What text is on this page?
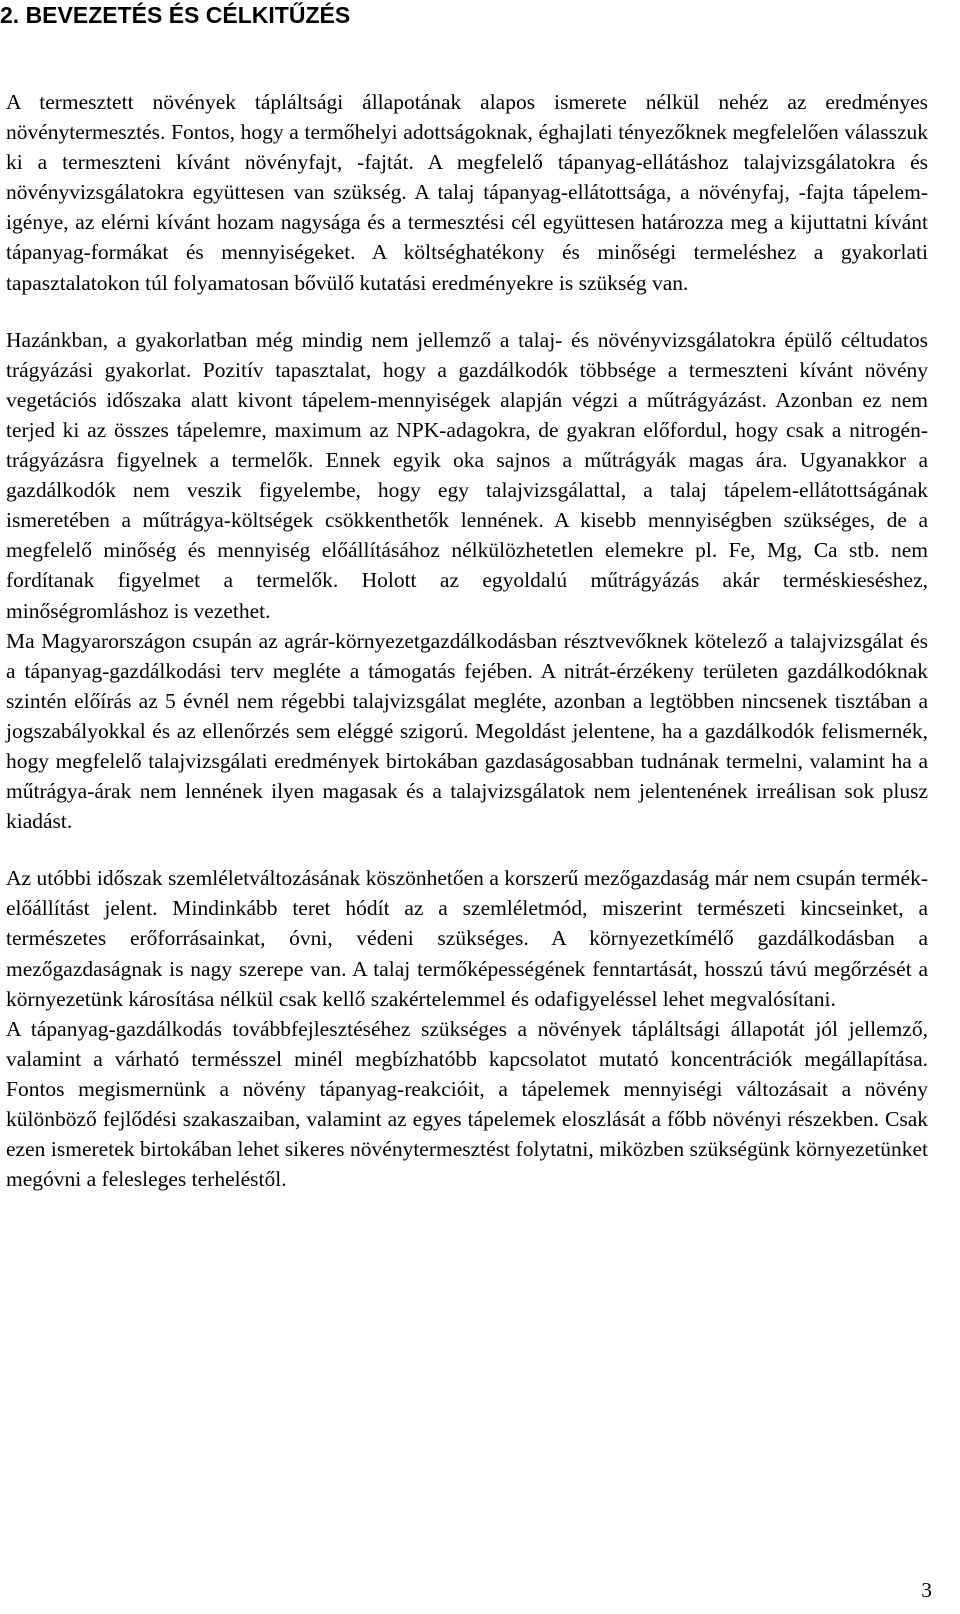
2. BEVEZETÉS ÉS CÉLKITŰZÉS

A termesztett növények tápláltsági állapotának alapos ismerete nélkül nehéz az eredményes növénytermesztés. Fontos, hogy a termőhelyi adottságoknak, éghajlati tényezőknek megfelelően válasszuk ki a termeszteni kívánt növényfajt, -fajtát. A megfelelő tápanyag-ellátáshoz talajvizsgálatokra és növényvizsgálatokra együttesen van szükség. A talaj tápanyag-ellátottsága, a növényfaj, -fajta tápelem-igénye, az elérni kívánt hozam nagysága és a termesztési cél együttesen határozza meg a kijuttatni kívánt tápanyag-formákat és mennyiségeket. A költséghatékony és minőségi termeléshez a gyakorlati tapasztalatokon túl folyamatosan bővülő kutatási eredményekre is szükség van.

Hazánkban, a gyakorlatban még mindig nem jellemző a talaj- és növényvizsgálatokra épülő céltudatos trágyázási gyakorlat. Pozitív tapasztalat, hogy a gazdálkodók többsége a termeszteni kívánt növény vegetációs időszaka alatt kivont tápelem-mennyiségek alapján végzi a műtrágyázást. Azonban ez nem terjed ki az összes tápelemre, maximum az NPK-adagokra, de gyakran előfordul, hogy csak a nitrogén-trágyázásra figyelnek a termelők. Ennek egyik oka sajnos a műtrágyák magas ára. Ugyanakkor a gazdálkodók nem veszik figyelembe, hogy egy talajvizsgálattal, a talaj tápelem-ellátottságának ismeretében a műtrágya-költségek csökkenthetők lennének. A kisebb mennyiségben szükséges, de a megfelelő minőség és mennyiség előállításához nélkülözhetetlen elemekre pl. Fe, Mg, Ca stb. nem fordítanak figyelmet a termelők. Holott az egyoldalú műtrágyázás akár terméskieséshez, minőségromláshoz is vezethet.

Ma Magyarországon csupán az agrár-környezetgazdálkodásban résztvevőknek kötelező a talajvizsgálat és a tápanyag-gazdálkodási terv megléte a támogatás fejében. A nitrát-érzékeny területen gazdálkodóknak szintén előírás az 5 évnél nem régebbi talajvizsgálat megléte, azonban a legtöbben nincsenek tisztában a jogszabályokkal és az ellenőrzés sem eléggé szigorú. Megoldást jelentene, ha a gazdálkodók felismernék, hogy megfelelő talajvizsgálati eredmények birtokában gazdaságosabban tudnának termelni, valamint ha a műtrágya-árak nem lennének ilyen magasak és a talajvizsgálatok nem jelentenének irreálisan sok plusz kiadást.

Az utóbbi időszak szemléletváltozásának köszönhetően a korszerű mezőgazdaság már nem csupán termék-előállítást jelent. Mindinkább teret hódít az a szemléletmód, miszerint természeti kincseinket, a természetes erőforrásainkat, óvni, védeni szükséges. A környezetkímélő gazdálkodásban a mezőgazdaságnak is nagy szerepe van. A talaj termőképességének fenntartását, hosszú távú megőrzését a környezetünk károsítása nélkül csak kellő szakértelemmel és odafigyeléssel lehet megvalósítani.

A tápanyag-gazdálkodás továbbfejlesztéséhez szükséges a növények tápláltsági állapotát jól jellemző, valamint a várható termésszel minél megbízhatóbb kapcsolatot mutató koncentrációk megállapítása. Fontos megismernünk a növény tápanyag-reakcióit, a tápelemek mennyiségi változásait a növény különböző fejlődési szakaszaiban, valamint az egyes tápelemek eloszlását a főbb növényi részekben. Csak ezen ismeretek birtokában lehet sikeres növénytermesztést folytatni, miközben szükségünk környezetünket megóvni a felesleges terheléstől.

3
